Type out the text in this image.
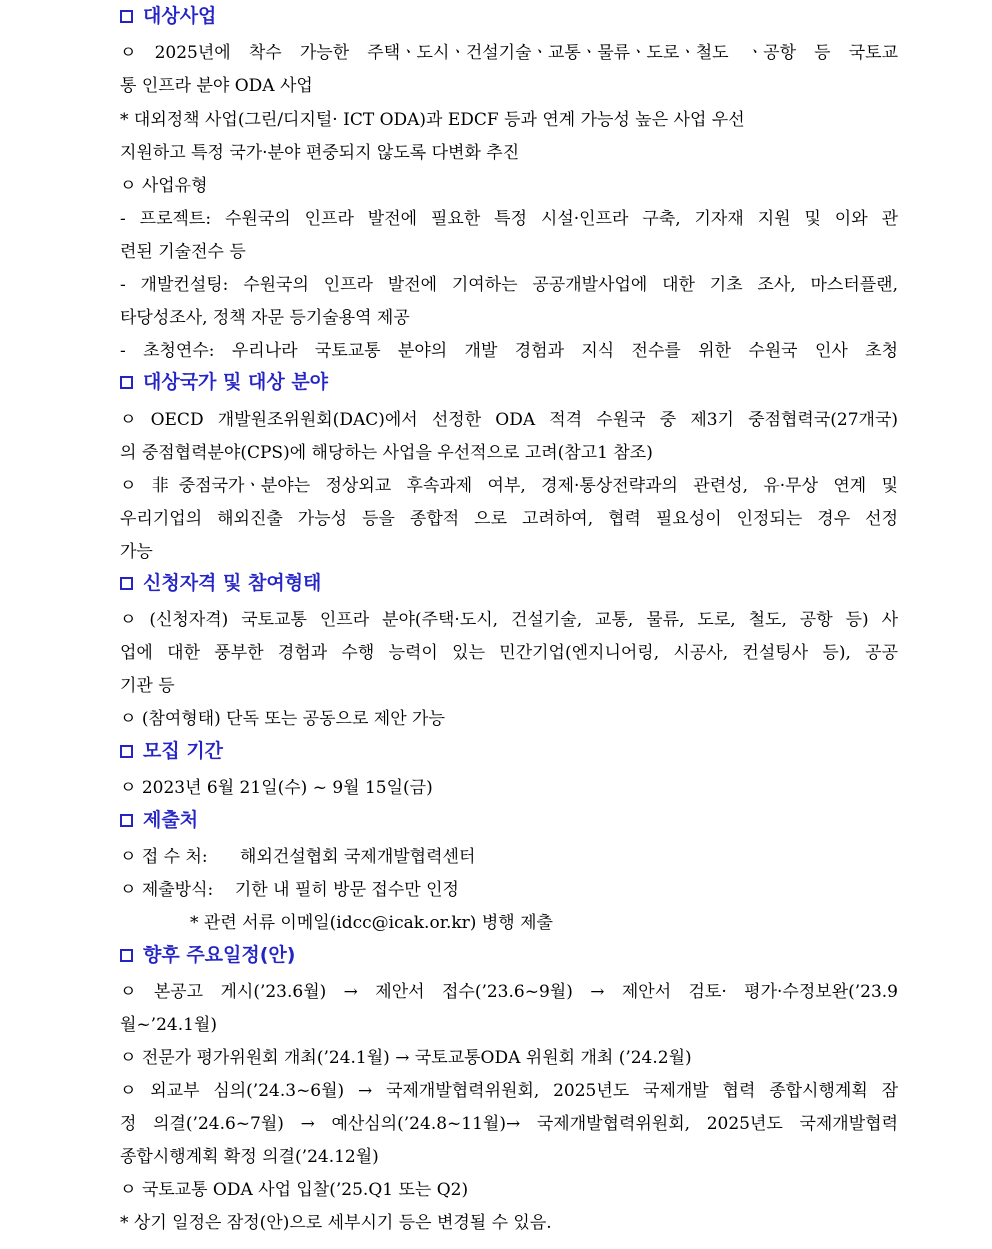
대상사업
ㅇ 2025년에 착수 가능한 주택ㆍ도시ㆍ건설기술ㆍ교통ㆍ물류ㆍ도로ㆍ철도 ㆍ공항 등 국토교
통 인프라 분야 ODA 사업
* 대외정책 사업(그린/디지털· ICT ODA)과 EDCF 등과 연계 가능성 높은 사업 우선
지원하고 특정 국가·분야 편중되지 않도록 다변화 추진
ㅇ 사업유형
- 프로젝트: 수원국의 인프라 발전에 필요한 특정 시설·인프라 구축, 기자재 지원 및 이와 관
련된 기술전수 등
- 개발컨설팅: 수원국의 인프라 발전에 기여하는 공공개발사업에 대한 기초 조사, 마스터플랜,
타당성조사, 정책 자문 등기술용역 제공
- 초청연수: 우리나라 국토교통 분야의 개발 경험과 지식 전수를 위한 수원국 인사 초청
대상국가 및 대상 분야
ㅇ OECD 개발원조위원회(DAC)에서 선정한 ODA 적격 수원국 중 제3기 중점협력국(27개국)
의 중점협력분야(CPS)에 해당하는 사업을 우선적으로 고려(참고1 참조)
ㅇ 非중점국가ㆍ분야는 정상외교 후속과제 여부, 경제·통상전략과의 관련성, 유·무상 연계 및
우리기업의 해외진출 가능성 등을 종합적 으로 고려하여, 협력 필요성이 인정되는 경우 선정
가능
신청자격 및 참여형태
ㅇ (신청자격) 국토교통 인프라 분야(주택·도시, 건설기술, 교통, 물류, 도로, 철도, 공항 등) 사
업에 대한 풍부한 경험과 수행 능력이 있는 민간기업(엔지니어링, 시공사, 컨설팅사 등), 공공
기관 등
ㅇ (참여형태) 단독 또는 공동으로 제안 가능
모집 기간
ㅇ 2023년 6월 21일(수) ~ 9월 15일(금)
제출처
ㅇ 접 수 처:      해외건설협회 국제개발협력센터
ㅇ 제출방식:    기한 내 필히 방문 접수만 인정
* 관련 서류 이메일(idcc@icak.or.kr) 병행 제출
향후 주요일정(안)
ㅇ 본공고 게시(’23.6월) → 제안서 접수(’23.6~9월) → 제안서 검토· 평가·수정보완(’23.9
월~’24.1월)
ㅇ 전문가 평가위원회 개최(’24.1월) → 국토교통ODA 위원회 개최 (’24.2월)
ㅇ 외교부 심의(’24.3~6월) → 국제개발협력위원회, 2025년도 국제개발 협력 종합시행계획 잠
정 의결(’24.6~7월) → 예산심의(’24.8~11월)→ 국제개발협력위원회, 2025년도 국제개발협력
종합시행계획 확정 의결(’24.12월)
ㅇ 국토교통 ODA 사업 입찰(’25.Q1 또는 Q2)
* 상기 일정은 잠정(안)으로 세부시기 등은 변경될 수 있음.
